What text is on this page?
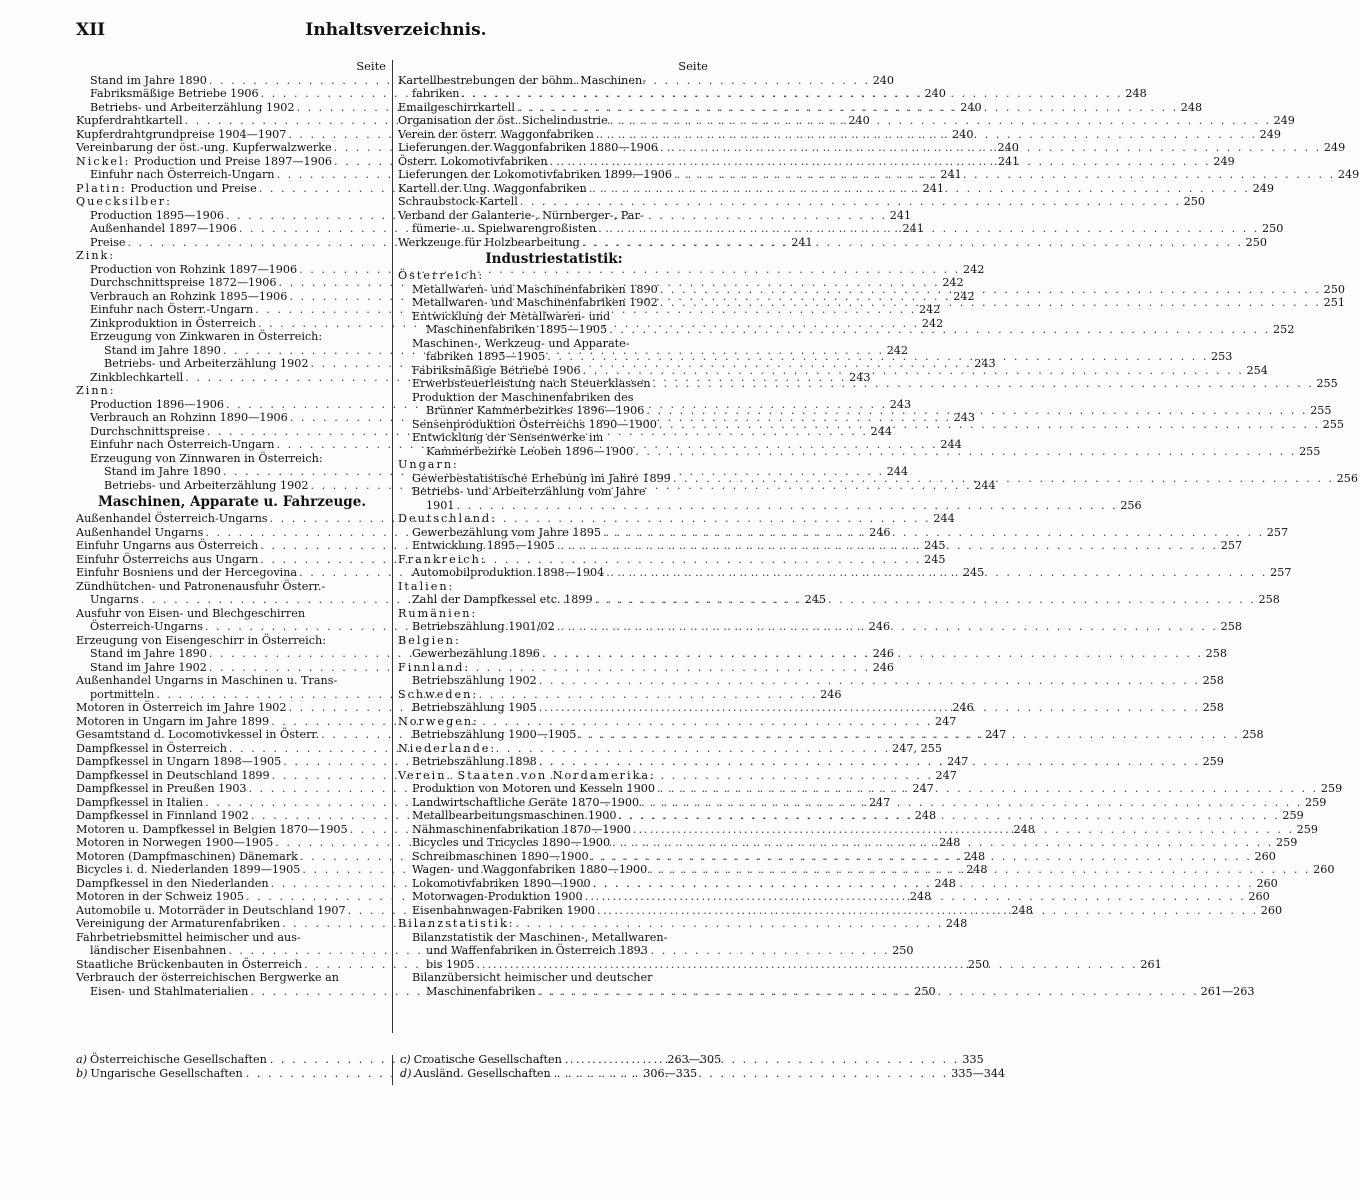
XII	Inhaltsverzeichnis.
Seite
Stand im Jahre 1890 . . .	240
Fabriksmäßige Betriebe 1906 . . .	240
Betriebs- und Arbeiterzählung 1902 . . .	240
Kupferdrahtkartell . . .	240
Kupferdrahtgrundpreise 1904—1907 . . .	240
Vereinbarung der öst.-ung. Kupferwalzwerke . . .	240
Nickel: Production und Preise 1897—1906 . . .	241
Einfuhr nach Österreich-Ungarn . . .	241
Platin: Production und Preise . . .	241
Quecksilber:
Production 1895—1906 . . .	241
Außenhandel 1897—1906 . . .	241
Preise . . .	241
Zink:
Production von Rohzink 1897—1906 . . .	242
Durchschnittspreise 1872—1906 . . .	242
Verbrauch an Rohzink 1895—1906 . . .	242
Einfuhr nach Österr.-Ungarn . . .	242
Zinkproduktion in Österreich . . .	242
Erzeugung von Zinkwaren in Österreich:
Stand im Jahre 1890 . . .	242
Betriebs- und Arbeiterzählung 1902 . . .	243
Zinkblechkartell . . .	243
Zinn:
Production 1896—1906 . . .	243
Verbrauch an Rohzinn 1890—1906 . . .	243
Durchschnittspreise . . .	244
Einfuhr nach Österreich-Ungarn . . .	244
Erzeugung von Zinnwaren in Österreich:
Stand im Jahre 1890 . . .	244
Betriebs- und Arbeiterzählung 1902 . . .	244
Maschinen, Apparate u. Fahrzeuge.
Außenhandel Österreich-Ungarns . . .	244
Außenhandel Ungarns . . .	246
Einfuhr Ungarns aus Österreich . . .	245
Einfuhr Österreichs aus Ungarn . . .	245
Einfuhr Bosniens und der Hercegovina . . .	245
Zündhütchen- und Patronenausfuhr Österr.-
Ungarns . . .	245
Ausfuhr von Eisen- und Blechgeschirren
Österreich-Ungarns . . .	246
Erzeugung von Eisengeschirr in Österreich:
Stand im Jahre 1890 . . .	246
Stand im Jahre 1902 . . .	246
Außenhandel Ungarns in Maschinen u. Trans-
portmitteln . . .	246
Motoren in Österreich im Jahre 1902 . . .	246
Motoren in Ungarn im Jahre 1899 . . .	247
Gesamtstand d. Locomotivkessel in Österr. . . .	247
Dampfkessel in Österreich . . .	247, 255
Dampfkessel in Ungarn 1898—1905 . . .	247
Dampfkessel in Deutschland 1899 . . .	247
Dampfkessel in Preußen 1903 . . .	247
Dampfkessel in Italien . . .	247
Dampfkessel in Finnland 1902 . . .	248
Motoren u. Dampfkessel in Belgien 1870—1905 . . .	248
Motoren in Norwegen 1900—1905 . . .	248
Motoren (Dampfmaschinen) Dänemark . . .	248
Bicycles i. d. Niederlanden 1899—1905 . . .	248
Dampfkessel in den Niederlanden . . .	248
Motoren in der Schweiz 1905 . . .	248
Automobile u. Motorräder in Deutschland 1907 . . .	248
Vereinigung der Armaturenfabriken . . .	248
Fahrbetriebsmittel heimischer und aus-
ländischer Eisenbahnen . . .	250
Staatliche Brückenbauten in Österreich . . .	250
Verbrauch der österreichischen Bergwerke an
Eisen- und Stahlmaterialien . . .	250
Seite
Kartellbestrebungen der böhm. Maschinen-
fabriken . . .	248
Emailgeschirrkartell . . .	248
Organisation der öst. Sichelindustrie . . .	249
Verein der österr. Waggonfabriken . . .	249
Lieferungen der Waggonfabriken 1880—1906 . . .	249
Österr. Lokomotivfabriken . . .	249
Lieferungen der Lokomotivfabriken 1899—1906 . . .	249
Kartell der Ung. Waggonfabriken . . .	249
Schraubstock-Kartell . . .	250
Verband der Galanterie-, Nürnberger-, Par-
fümerie- u. Spielwarengroßisten . . .	250
Werkzeuge für Holzbearbeitung . . .	250
Industriestatistik:
Österreich:
Metallwaren- und Maschinenfabriken 1890 . . .	250
Metallwaren- und Maschinenfabriken 1902 . . .	251
Entwicklung der Metallwaren- und
Maschinenfabriken 1895—1905 . . .	252
Maschinen-, Werkzeug- und Apparate-
fabriken 1895—1905 . . .	253
Fabriksmäßige Betriebe 1906 . . .	254
Erwerbsteuerleistung nach Steuerklassen . . .	255
Produktion der Maschinenfabriken des
Brünner Kammerbezirkes 1896—1906 . . .	255
Sensenproduktion Österreichs 1890—1900 . . .	255
Entwicklung der Sensenwerke im
Kammerbezirke Leoben 1896—1900 . . .	255
Ungarn:
Gewerbestatistische Erhebung im Jahre 1899 . . .	256
Betriebs- und Arbeiterzählung vom Jahre
1901 . . .	256
Deutschland:
Gewerbezählung vom Jahre 1895 . . .	257
Entwicklung 1895—1905 . . .	257
Frankreich:
Automobilproduktion 1898—1904 . . .	257
Italien:
Zahl der Dampfkessel etc. 1899 . . .	258
Rumänien:
Betriebszählung 1901/02 . . .	258
Belgien:
Gewerbezählung 1896 . . .	258
Finnland:
Betriebszählung 1902 . . .	258
Schweden:
Betriebszählung 1905 . . .	258
Norwegen:
Betriebszählung 1900—1905 . . .	258
Niederlande:
Betriebszählung 1898 . . .	259
Verein. Staaten von Nordamerika:
Produktion von Motoren und Kesseln 1900 . . .	259
Landwirtschaftliche Geräte 1870—1900 . . .	259
Metallbearbeitungsmaschinen 1900 . . .	259
Nähmaschinenfabrikation 1870—1900 . . .	259
Bicycles und Tricycles 1890—1900 . . .	259
Schreibmaschinen 1890—1900 . . .	260
Wagen- und Waggonfabriken 1880—1900 . . .	260
Lokomotivfabriken 1890—1900 . . .	260
Motorwagen-Produktion 1900 . . .	260
Eisenbahnwagen-Fabriken 1900 . . .	260
Bilanzstatistik:
Bilanzstatistik der Maschinen-, Metallwaren-
und Waffenfabriken in Österreich 1893
bis 1905 . . .	261
Bilanzübersicht heimischer und deutscher
Maschinenfabriken . . .	261—263
a) Österreichische Gesellschaften . . .	263—305
b) Ungarische Gesellschaften . . .	306—335
c) Croatische Gesellschaften . . .	335
d) Ausländ. Gesellschaften . . .	335—344
